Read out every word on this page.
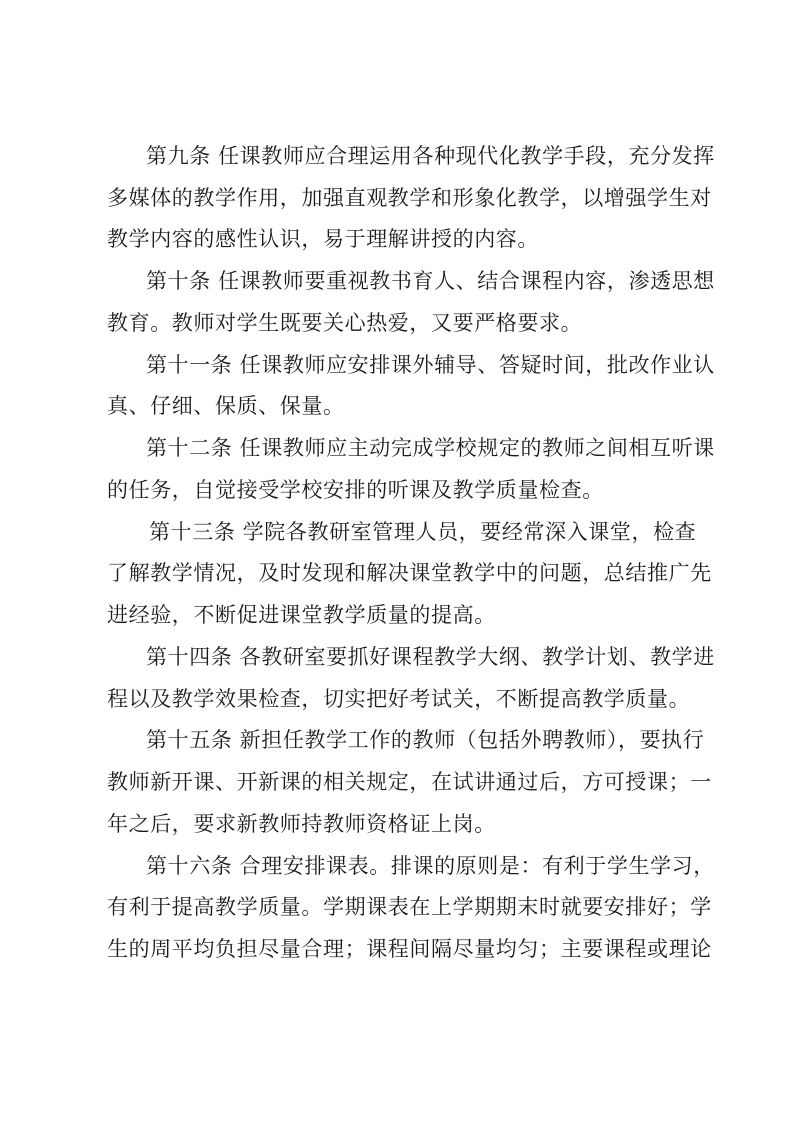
第九条 任课教师应合理运用各种现代化教学手段，充分发挥
多媒体的教学作用，加强直观教学和形象化教学，以增强学生对
教学内容的感性认识，易于理解讲授的内容。
第十条 任课教师要重视教书育人、结合课程内容，渗透思想
教育。教师对学生既要关心热爱，又要严格要求。
第十一条 任课教师应安排课外辅导、答疑时间，批改作业认
真、仔细、保质、保量。
第十二条 任课教师应主动完成学校规定的教师之间相互听课
的任务，自觉接受学校安排的听课及教学质量检查。
第十三条 学院各教研室管理人员，要经常深入课堂，检查
了解教学情况，及时发现和解决课堂教学中的问题，总结推广先
进经验，不断促进课堂教学质量的提高。
第十四条 各教研室要抓好课程教学大纲、教学计划、教学进
程以及教学效果检查，切实把好考试关，不断提高教学质量。
第十五条 新担任教学工作的教师（包括外聘教师），要执行
教师新开课、开新课的相关规定，在试讲通过后，方可授课；一
年之后，要求新教师持教师资格证上岗。
第十六条 合理安排课表。排课的原则是：有利于学生学习，
有利于提高教学质量。学期课表在上学期期末时就要安排好；学
生的周平均负担尽量合理；课程间隔尽量均匀；主要课程或理论
